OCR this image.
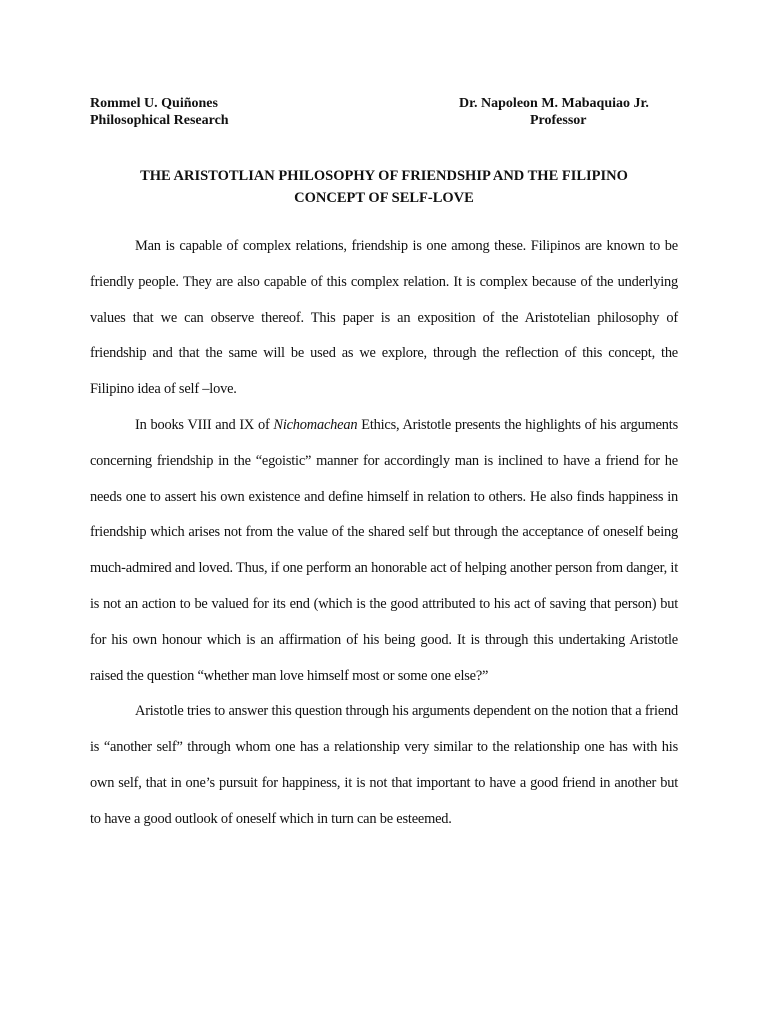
Rommel U. Quiñones
Philosophical Research
Dr. Napoleon M. Mabaquiao Jr.
Professor
THE ARISTOTLIAN PHILOSOPHY OF FRIENDSHIP AND THE FILIPINO
CONCEPT OF SELF-LOVE

Man is capable of complex relations, friendship is one among these. Filipinos are known to be friendly people. They are also capable of this complex relation. It is complex because of the underlying values that we can observe thereof. This paper is an exposition of the Aristotelian philosophy of friendship and that the same will be used as we explore, through the reflection of this concept, the Filipino idea of self –love.

In books VIII and IX of Nichomachean Ethics, Aristotle presents the highlights of his arguments concerning friendship in the “egoistic” manner for accordingly man is inclined to have a friend for he needs one to assert his own existence and define himself in relation to others. He also finds happiness in friendship which arises not from the value of the shared self but through the acceptance of oneself being much-admired and loved. Thus, if one perform an honorable act of helping another person from danger, it is not an action to be valued for its end (which is the good attributed to his act of saving that person) but for his own honour which is an affirmation of his being good. It is through this undertaking Aristotle raised the question “whether man love himself most or some one else?”

Aristotle tries to answer this question through his arguments dependent on the notion that a friend is “another self” through whom one has a relationship very similar to the relationship one has with his own self, that in one’s pursuit for happiness, it is not that important to have a good friend in another but to have a good outlook of oneself which in turn can be esteemed.
